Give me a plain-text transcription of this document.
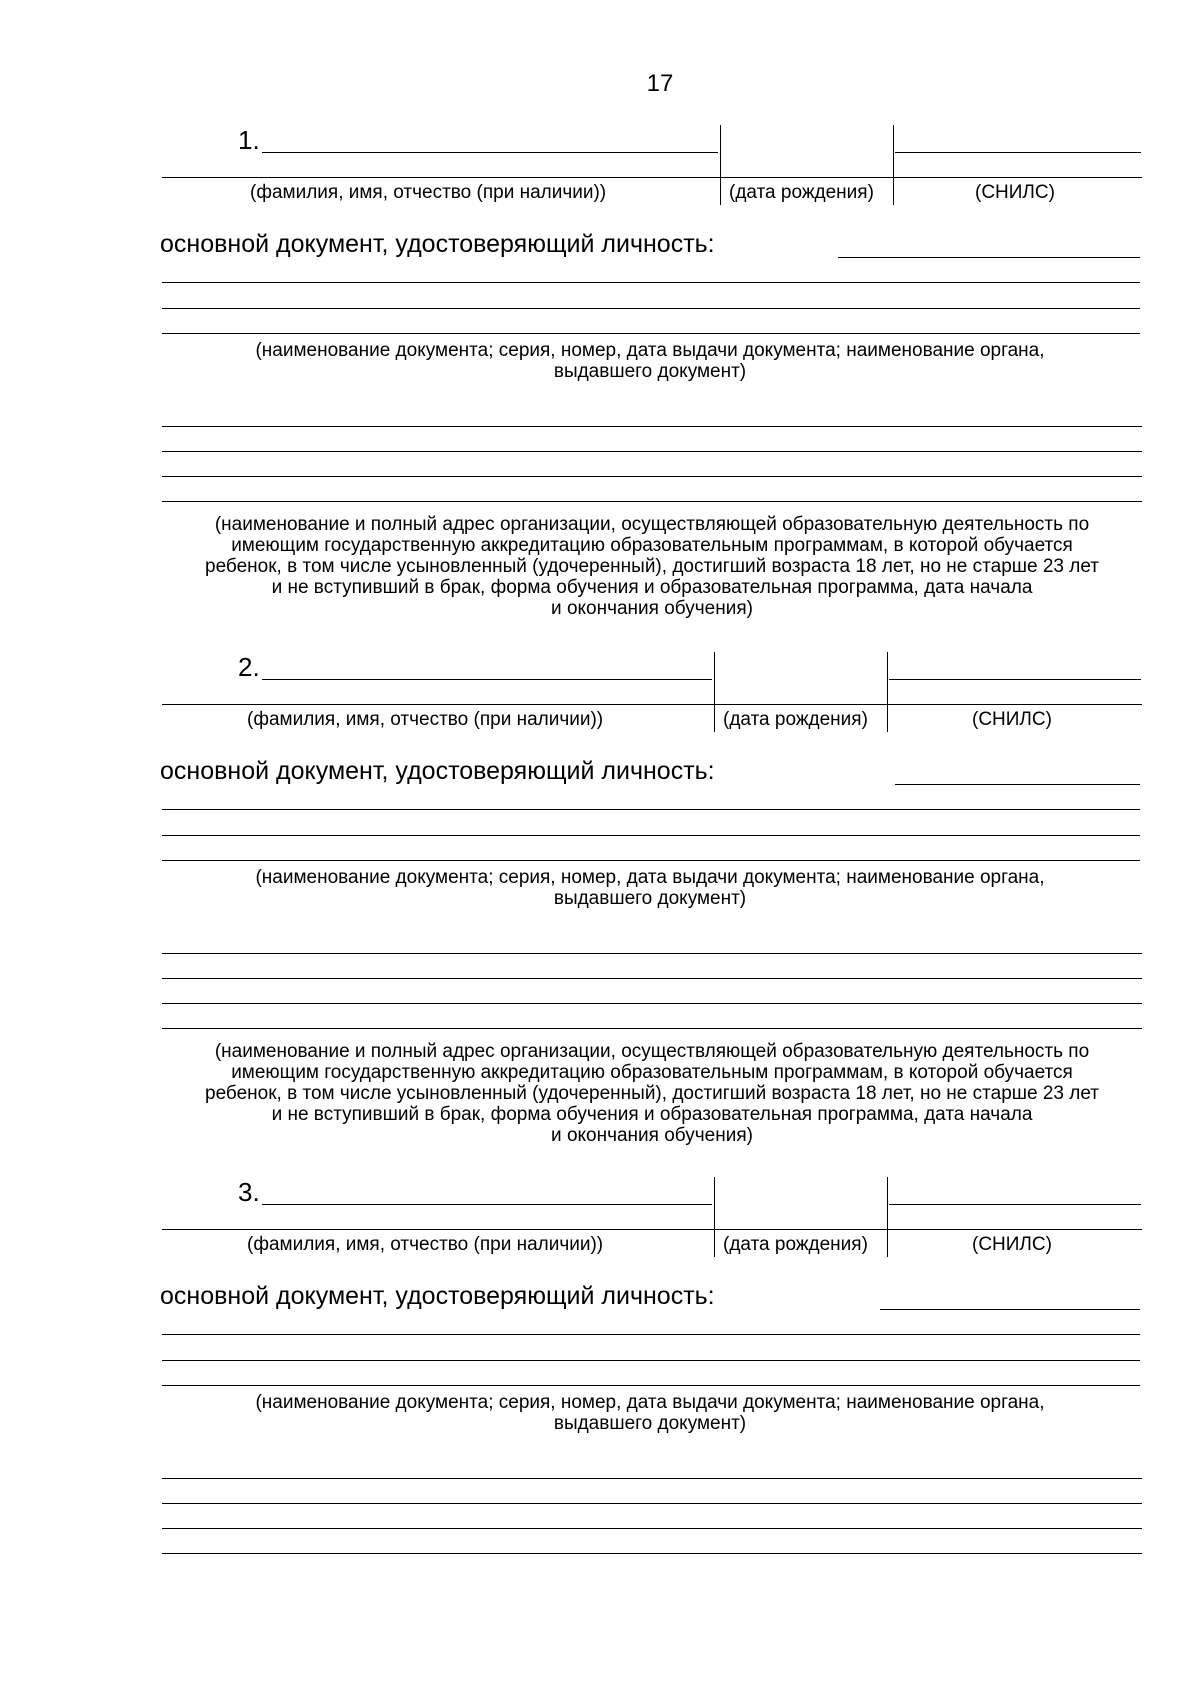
17
1.
(фамилия, имя, отчество (при наличии))	(дата рождения)	(СНИЛС)
основной документ, удостоверяющий личность:
(наименование документа; серия, номер, дата выдачи документа; наименование органа,
выдавшего документ)
(наименование и полный адрес организации, осуществляющей образовательную деятельность по
имеющим государственную аккредитацию образовательным программам, в которой обучается
ребенок, в том числе усыновленный (удочеренный), достигший возраста 18 лет, но не старше 23 лет
и не вступивший в брак, форма обучения и образовательная программа, дата начала
и окончания обучения)
2.
(фамилия, имя, отчество (при наличии))	(дата рождения)	(СНИЛС)
основной документ, удостоверяющий личность:
(наименование документа; серия, номер, дата выдачи документа; наименование органа,
выдавшего документ)
(наименование и полный адрес организации, осуществляющей образовательную деятельность по
имеющим государственную аккредитацию образовательным программам, в которой обучается
ребенок, в том числе усыновленный (удочеренный), достигший возраста 18 лет, но не старше 23 лет
и не вступивший в брак, форма обучения и образовательная программа, дата начала
и окончания обучения)
3.
(фамилия, имя, отчество (при наличии))	(дата рождения)	(СНИЛС)
основной документ, удостоверяющий личность:
(наименование документа; серия, номер, дата выдачи документа; наименование органа,
выдавшего документ)
